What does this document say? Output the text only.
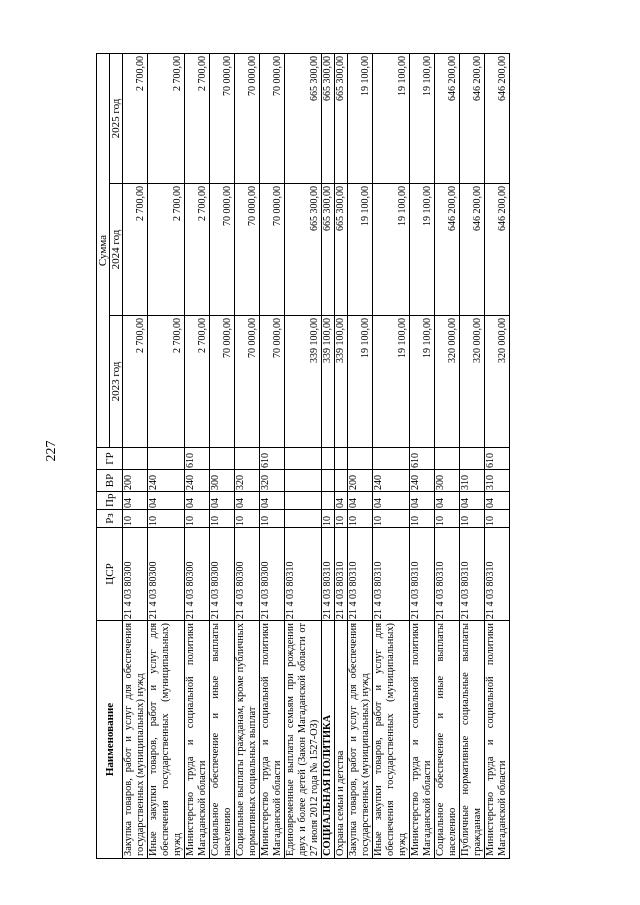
227
Наименование	ЦСР	Рз	Пр	ВР	ГР	Сумма		
						2023 год	2024 год	2025 год
Закупка товаров, работ и услуг для обеспечения государственных (муниципальных) нужд	21 4 03 80300	10	04	200		2 700,00	2 700,00	2 700,00
Иные закупки товаров, работ и услуг для обеспечения государственных (муниципальных) нужд	21 4 03 80300	10	04	240		2 700,00	2 700,00	2 700,00
Министерство труда и социальной политики Магаданской области	21 4 03 80300	10	04	240	610	2 700,00	2 700,00	2 700,00
Социальное обеспечение и иные выплаты населению	21 4 03 80300	10	04	300		70 000,00	70 000,00	70 000,00
Социальные выплаты гражданам, кроме публичных нормативных социальных выплат	21 4 03 80300	10	04	320		70 000,00	70 000,00	70 000,00
Министерство труда и социальной политики Магаданской области	21 4 03 80300	10	04	320	610	70 000,00	70 000,00	70 000,00
Единовременные выплаты семьям при рождении двух и более детей (Закон Магаданской области от 27 июля 2012 года № 1527-ОЗ)	21 4 03 80310					339 100,00	665 300,00	665 300,00
СОЦИАЛЬНАЯ ПОЛИТИКА	21 4 03 80310	10				339 100,00	665 300,00	665 300,00
Охрана семьи и детства	21 4 03 80310	10	04			339 100,00	665 300,00	665 300,00
Закупка товаров, работ и услуг для обеспечения государственных (муниципальных) нужд	21 4 03 80310	10	04	200		19 100,00	19 100,00	19 100,00
Иные закупки товаров, работ и услуг для обеспечения государственных (муниципальных) нужд	21 4 03 80310	10	04	240		19 100,00	19 100,00	19 100,00
Министерство труда и социальной политики Магаданской области	21 4 03 80310	10	04	240	610	19 100,00	19 100,00	19 100,00
Социальное обеспечение и иные выплаты населению	21 4 03 80310	10	04	300		320 000,00	646 200,00	646 200,00
Публичные нормативные социальные выплаты гражданам	21 4 03 80310	10	04	310		320 000,00	646 200,00	646 200,00
Министерство труда и социальной политики Магаданской области	21 4 03 80310	10	04	310	610	320 000,00	646 200,00	646 200,00
